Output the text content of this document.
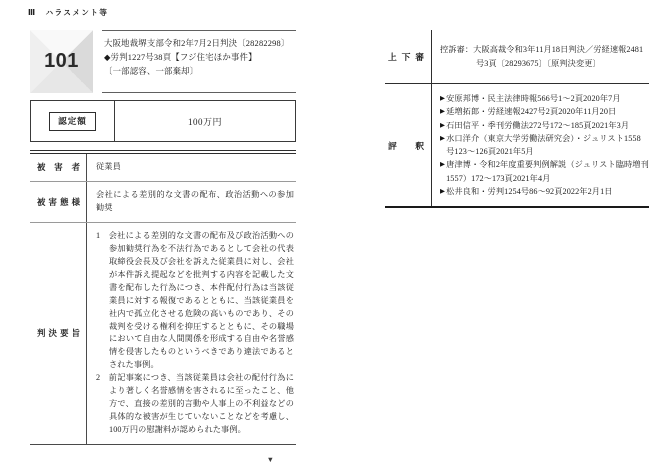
Ⅲ　ハラスメント等
101
大阪地裁堺支部令和2年7月2日判決〔28282298〕
◆労判1227号38頁【フジ住宅ほか事件】
〔一部認容、一部棄却〕
認定額	100万円
被害者	従業員
被害態様
会社による差別的な文書の配布、政治活動への参加勧奨
判決要旨
1　会社による差別的な文書の配布及び政治活動への参加勧奨行為を不法行為であるとして会社の代表取締役会長及び会社を訴えた従業員に対し、会社が本件訴え提起などを批判する内容を記載した文書を配布した行為につき、本件配付行為は当該従業員に対する報復であるとともに、当該従業員を社内で孤立化させる危険の高いものであり、その裁判を受ける権利を抑圧するとともに、その職場において自由な人間関係を形成する自由や名誉感情を侵害したものというべきであり違法であるとされた事例。
2　前記事案につき、当該従業員は会社の配付行為により著しく名誉感情を害されるに至ったこと、他方で、直接の差別的言動や人事上の不利益などの具体的な被害が生じていないことなどを考慮し、100万円の慰謝料が認められた事例。
▼
上下審
控訴審：大阪高裁令和3年11月18日判決／労経速報2481号3頁〔28293675〕〔原判決変更〕
評釈
▶ 安原邦博・民主法律時報566号1～2頁2020年7月
▶ 延増拓郎・労経速報2427号2頁2020年11月20日
▶ 石田信平・季刊労働法272号172～185頁2021年3月
▶ 水口洋介（東京大学労働法研究会）・ジュリスト1558号123～126頁2021年5月
▶ 唐津博・令和2年度重要判例解説（ジュリスト臨時増刊1557）172～173頁2021年4月
▶ 松井良和・労判1254号86～92頁2022年2月1日
